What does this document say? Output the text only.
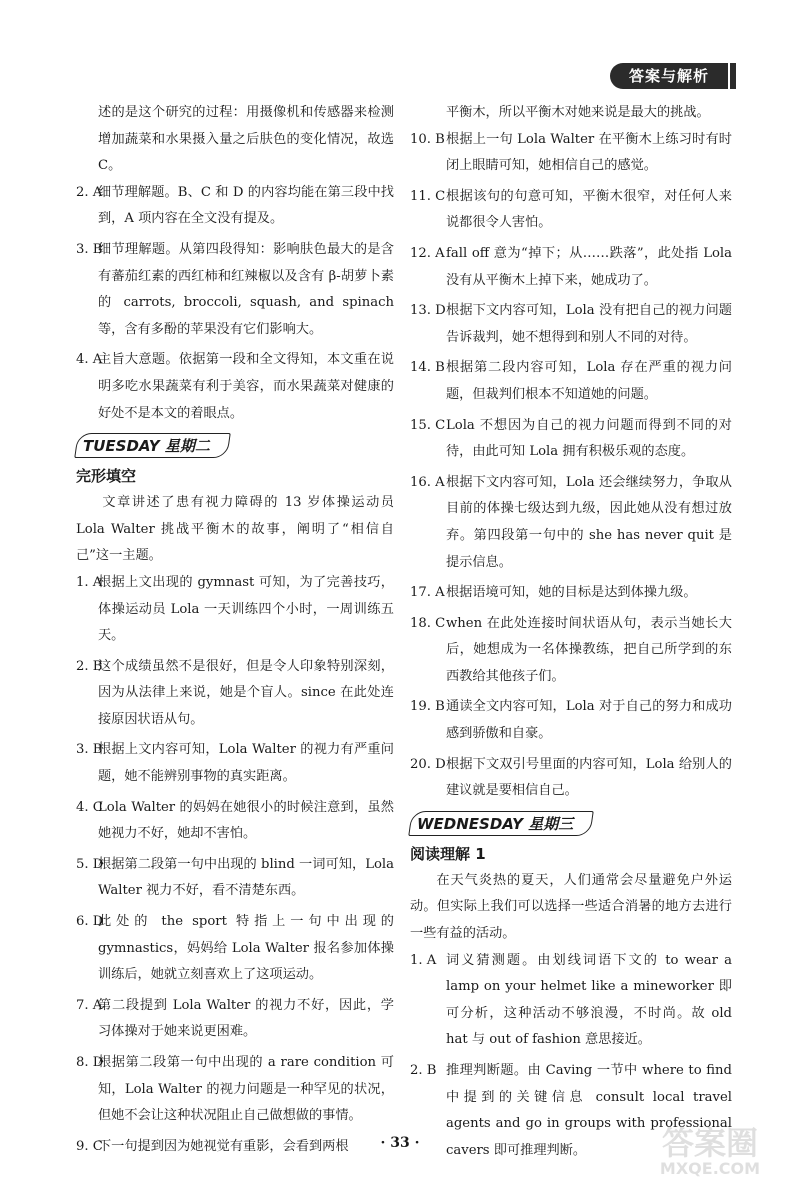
答案与解析
述的是这个研究的过程：用摄像机和传感器来检测增加蔬菜和水果摄入量之后肤色的变化情况，故选 C。
2. A
细节理解题。B、C 和 D 的内容均能在第三段中找到，A 项内容在全文没有提及。
3. B
细节理解题。从第四段得知：影响肤色最大的是含有蕃茄红素的西红柿和红辣椒以及含有 β-胡萝卜素的 carrots, broccoli, squash, and spinach 等，含有多酚的苹果没有它们影响大。
4. A
主旨大意题。依据第一段和全文得知，本文重在说明多吃水果蔬菜有利于美容，而水果蔬菜对健康的好处不是本文的着眼点。
TUESDAY 星期二
完形填空
文章讲述了患有视力障碍的 13 岁体操运动员 Lola Walter 挑战平衡木的故事，阐明了“相信自己”这一主题。
1. A
根据上文出现的 gymnast 可知，为了完善技巧，体操运动员 Lola 一天训练四个小时，一周训练五天。
2. B
这个成绩虽然不是很好，但是令人印象特别深刻，因为从法律上来说，她是个盲人。since 在此处连接原因状语从句。
3. B
根据上文内容可知，Lola Walter 的视力有严重问题，她不能辨别事物的真实距离。
4. C
Lola Walter 的妈妈在她很小的时候注意到，虽然她视力不好，她却不害怕。
5. D
根据第二段第一句中出现的 blind 一词可知，Lola Walter 视力不好，看不清楚东西。
6. D
此处的 the sport 特指上一句中出现的 gymnastics，妈妈给 Lola Walter 报名参加体操训练后，她就立刻喜欢上了这项运动。
7. A
第二段提到 Lola Walter 的视力不好，因此，学习体操对于她来说更困难。
8. D
根据第二段第一句中出现的 a rare condition 可知，Lola Walter 的视力问题是一种罕见的状况，但她不会让这种状况阻止自己做想做的事情。
9. C
下一句提到因为她视觉有重影，会看到两根
平衡木，所以平衡木对她来说是最大的挑战。
10. B 根据上一句 Lola Walter 在平衡木上练习时有时闭上眼睛可知，她相信自己的感觉。
11. C 根据该句的句意可知，平衡木很窄，对任何人来说都很令人害怕。
12. A fall off 意为“掉下；从……跌落”，此处指 Lola 没有从平衡木上掉下来，她成功了。
13. D 根据下文内容可知，Lola 没有把自己的视力问题告诉裁判，她不想得到和别人不同的对待。
14. B 根据第二段内容可知，Lola 存在严重的视力问题，但裁判们根本不知道她的问题。
15. C Lola 不想因为自己的视力问题而得到不同的对待，由此可知 Lola 拥有积极乐观的态度。
16. A 根据下文内容可知，Lola 还会继续努力，争取从目前的体操七级达到九级，因此她从没有想过放弃。第四段第一句中的 she has never quit 是提示信息。
17. A 根据语境可知，她的目标是达到体操九级。
18. C when 在此处连接时间状语从句，表示当她长大后，她想成为一名体操教练，把自己所学到的东西教给其他孩子们。
19. B 通读全文内容可知，Lola 对于自己的努力和成功感到骄傲和自豪。
20. D 根据下文双引号里面的内容可知，Lola 给别人的建议就是要相信自己。
WEDNESDAY 星期三
阅读理解 1
在天气炎热的夏天，人们通常会尽量避免户外运动。但实际上我们可以选择一些适合消暑的地方去进行一些有益的活动。
1. A 词义猜测题。由划线词语下文的 to wear a lamp on your helmet like a mineworker 即可分析，这种活动不够浪漫，不时尚。故 old hat 与 out of fashion 意思接近。
2. B 推理判断题。由 Caving 一节中 where to find 中提到的关键信息 consult local travel agents and go in groups with professional cavers 即可推理判断。
· 33 ·	答案圈
MXQE.COM
